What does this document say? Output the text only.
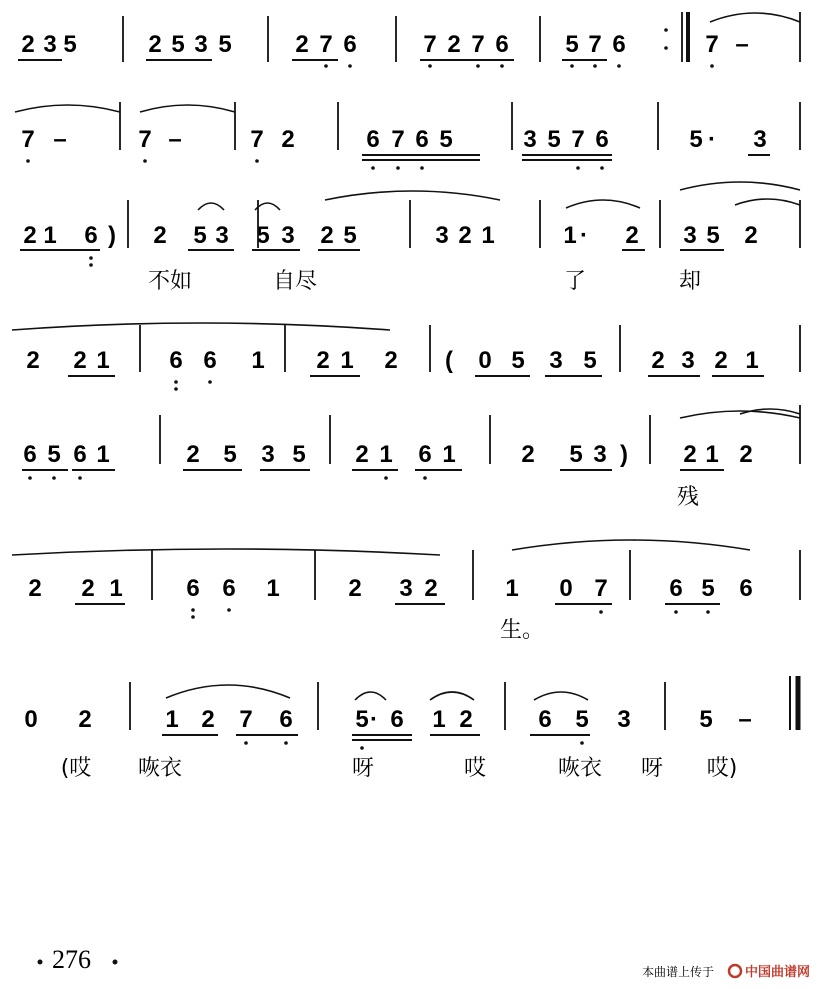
2 3 5	2 5 3 5	2 7 6	7 2 7 6 5 7 6	7 –
7 –	7 –	7 2	6 7 6 5	3 5 7 6	5 · 3
2 1 6 ) 2 5 3 5 3 2 5	3 2 1	1 · 2 3 5 2
2 2 1 6 6 1 2 1 2 ( 0 5 3 5 2 3 2 1
6 5 6 1	2 5 3 5 2 1 6 1	2 5 3 ) 2 1 2
2 2 1	6 6 1	2 3 2	1 0 7	6 5 6
0 2	1 2 7 6	5 · 6 1 2	6 5 3	5 –
不如	自尽	了	却
残
生。
(哎 咴衣	呀	哎	咴衣 呀 哎)
276	本曲谱上传于 中国曲谱网
